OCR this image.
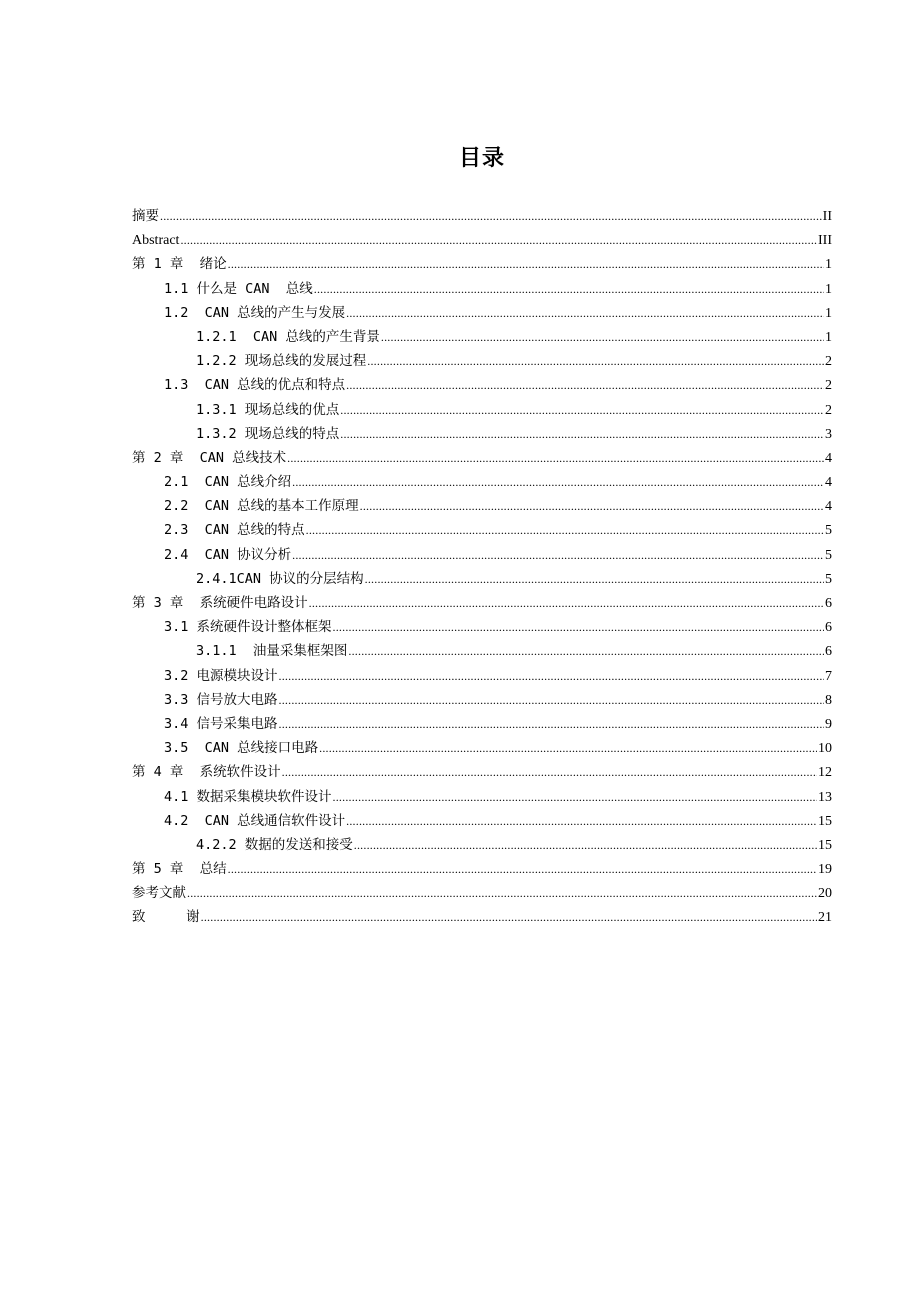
目录
摘要 .....	II
Abstract .....	III
第 1 章  绪论 .....	1
1.1 什么是 CAN  总线 .....	1
1.2  CAN 总线的产生与发展 .....	1
1.2.1  CAN 总线的产生背景 .....	1
1.2.2 现场总线的发展过程 .....	2
1.3  CAN 总线的优点和特点 .....	2
1.3.1 现场总线的优点 .....	2
1.3.2 现场总线的特点 .....	3
第 2 章  CAN 总线技术 .....	4
2.1  CAN 总线介绍 .....	4
2.2  CAN 总线的基本工作原理 .....	4
2.3  CAN 总线的特点 .....	5
2.4  CAN 协议分析 .....	5
2.4.1CAN 协议的分层结构 .....	5
第 3 章  系统硬件电路设计 .....	6
3.1 系统硬件设计整体框架 .....	6
3.1.1  油量采集框架图 .....	6
3.2 电源模块设计 .....	7
3.3 信号放大电路 .....	8
3.4 信号采集电路 .....	9
3.5  CAN 总线接口电路 .....	10
第 4 章  系统软件设计 .....	12
4.1 数据采集模块软件设计 .....	13
4.2  CAN 总线通信软件设计 .....	15
4.2.2 数据的发送和接受 .....	15
第 5 章  总结 .....	19
参考文献 .....	20
致     谢 .....	21
